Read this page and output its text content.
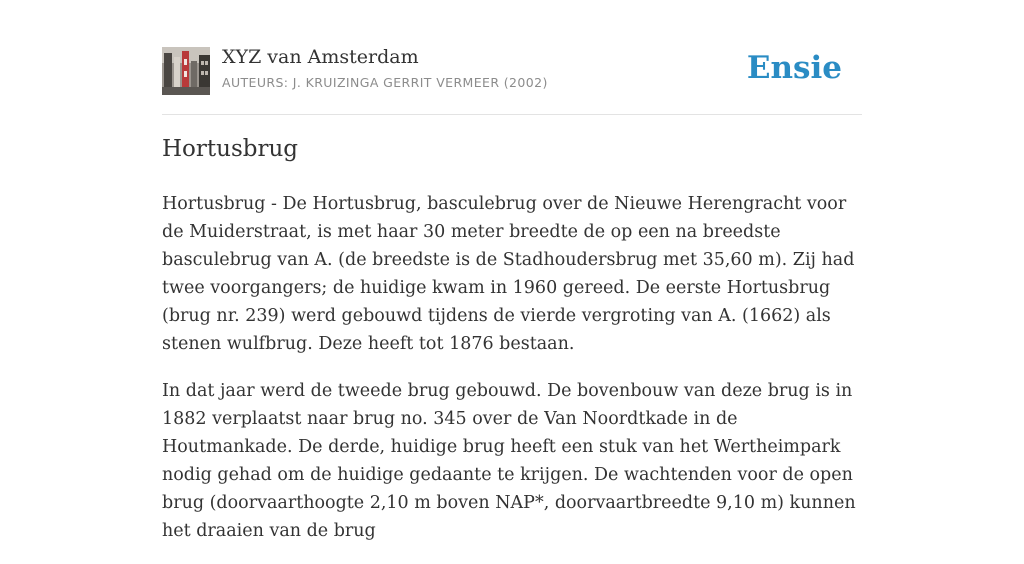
XYZ van Amsterdam
AUTEURS: J. KRUIZINGA GERRIT VERMEER (2002)	Ensie
Hortusbrug

Hortusbrug - De Hortusbrug, basculebrug over de Nieuwe Herengracht voor de Muiderstraat, is met haar 30 meter breedte de op een na breedste basculebrug van A. (de breedste is de Stadhoudersbrug met 35,60 m). Zij had twee voorgangers; de huidige kwam in 1960 gereed. De eerste Hortusbrug (brug nr. 239) werd gebouwd tijdens de vierde vergroting van A. (1662) als stenen wulfbrug. Deze heeft tot 1876 bestaan.

In dat jaar werd de tweede brug gebouwd. De bovenbouw van deze brug is in 1882 verplaatst naar brug no. 345 over de Van Noordtkade in de Houtmankade. De derde, huidige brug heeft een stuk van het Wertheimpark nodig gehad om de huidige gedaante te krijgen. De wachtenden voor de open brug (doorvaarthoogte 2,10 m boven NAP*, doorvaartbreedte 9,10 m) kunnen het draaien van de brug
